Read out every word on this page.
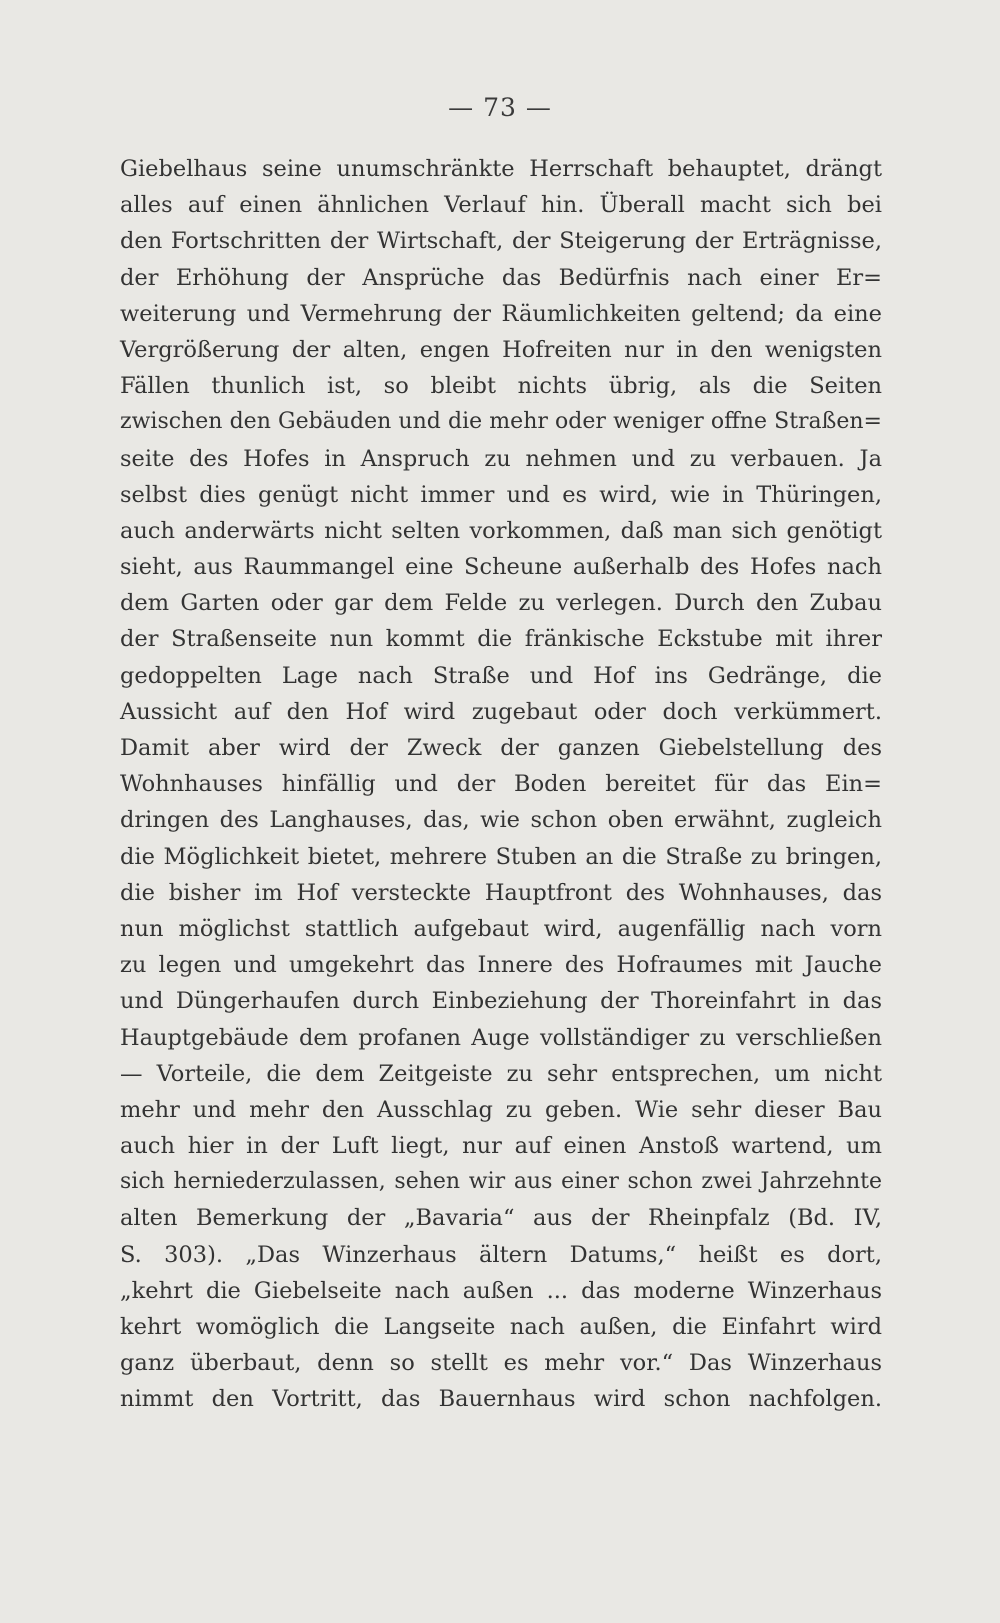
— 73 —
Giebelhaus seine unumschränkte Herrschaft behauptet, drängt
alles auf einen ähnlichen Verlauf hin. Überall macht sich bei
den Fortschritten der Wirtschaft, der Steigerung der Erträgnisse,
der Erhöhung der Ansprüche das Bedürfnis nach einer Er=
weiterung und Vermehrung der Räumlichkeiten geltend; da eine
Vergrößerung der alten, engen Hofreiten nur in den wenigsten
Fällen thunlich ist, so bleibt nichts übrig, als die Seiten
zwischen den Gebäuden und die mehr oder weniger offne Straßen=
seite des Hofes in Anspruch zu nehmen und zu verbauen. Ja
selbst dies genügt nicht immer und es wird, wie in Thüringen,
auch anderwärts nicht selten vorkommen, daß man sich genötigt
sieht, aus Raummangel eine Scheune außerhalb des Hofes nach
dem Garten oder gar dem Felde zu verlegen. Durch den Zubau
der Straßenseite nun kommt die fränkische Eckstube mit ihrer
gedoppelten Lage nach Straße und Hof ins Gedränge, die
Aussicht auf den Hof wird zugebaut oder doch verkümmert.
Damit aber wird der Zweck der ganzen Giebelstellung des
Wohnhauses hinfällig und der Boden bereitet für das Ein=
dringen des Langhauses, das, wie schon oben erwähnt, zugleich
die Möglichkeit bietet, mehrere Stuben an die Straße zu bringen,
die bisher im Hof versteckte Hauptfront des Wohnhauses, das
nun möglichst stattlich aufgebaut wird, augenfällig nach vorn
zu legen und umgekehrt das Innere des Hofraumes mit Jauche
und Düngerhaufen durch Einbeziehung der Thoreinfahrt in das
Hauptgebäude dem profanen Auge vollständiger zu verschließen
— Vorteile, die dem Zeitgeiste zu sehr entsprechen, um nicht
mehr und mehr den Ausschlag zu geben. Wie sehr dieser Bau
auch hier in der Luft liegt, nur auf einen Anstoß wartend, um
sich herniederzulassen, sehen wir aus einer schon zwei Jahrzehnte
alten Bemerkung der „Bavaria“ aus der Rheinpfalz (Bd. IV,
S. 303). „Das Winzerhaus ältern Datums,“ heißt es dort,
„kehrt die Giebelseite nach außen ... das moderne Winzerhaus
kehrt womöglich die Langseite nach außen, die Einfahrt wird
ganz überbaut, denn so stellt es mehr vor.“ Das Winzerhaus
nimmt den Vortritt, das Bauernhaus wird schon nachfolgen.
